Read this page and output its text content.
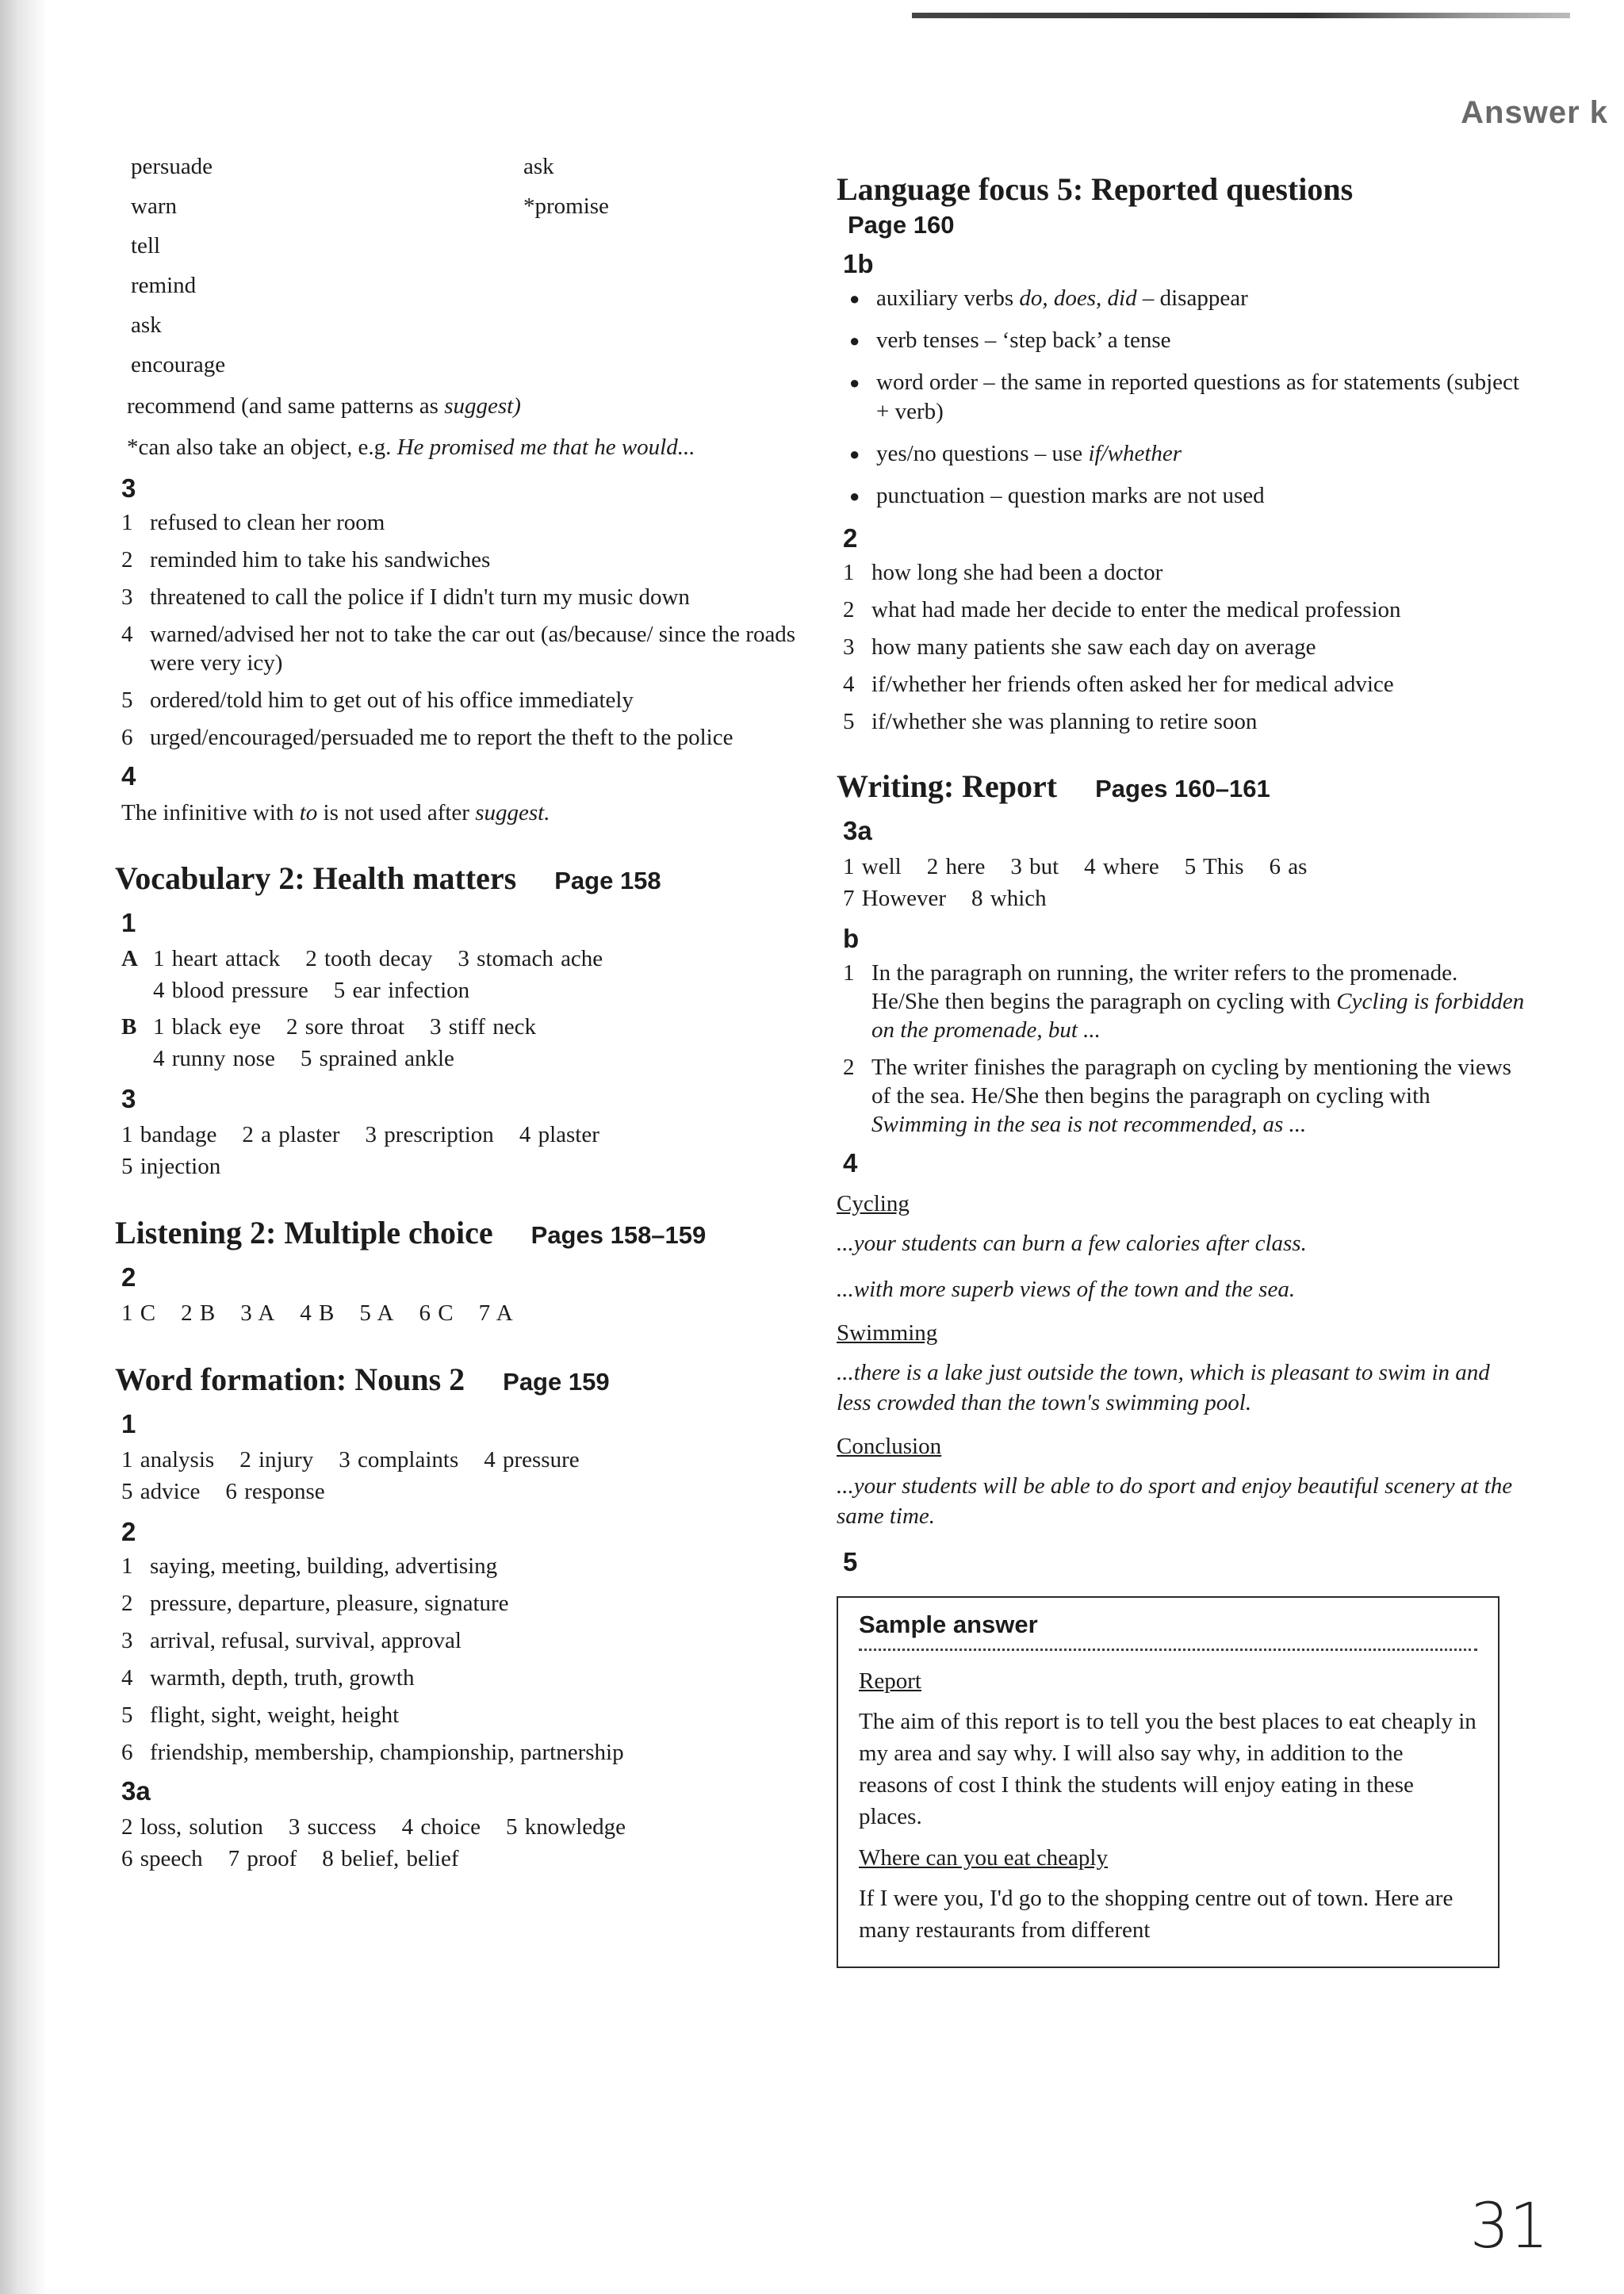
Answer k
persuade
warn
tell
remind
ask
encourage
ask
*promise

recommend (and same patterns as suggest)

*can also take an object, e.g. He promised me that he would...

3
1 refused to clean her room
2 reminded him to take his sandwiches
3 threatened to call the police if I didn't turn my music down
4 warned/advised her not to take the car out (as/because/ since the roads were very icy)
5 ordered/told him to get out of his office immediately
6 urged/encouraged/persuaded me to report the theft to the police
4

The infinitive with to is not used after suggest.

Vocabulary 2: Health matters Page 158
1
A 1 heart attack 2 tooth decay 3 stomach ache
4 blood pressure 5 ear infection
B 1 black eye 2 sore throat 3 stiff neck
4 runny nose 5 sprained ankle
3
1 bandage 2 a plaster 3 prescription 4 plaster
5 injection
Listening 2: Multiple choice Pages 158–159
2
1 C 2 B 3 A 4 B 5 A 6 C 7 A
Word formation: Nouns 2 Page 159
1
1 analysis 2 injury 3 complaints 4 pressure
5 advice 6 response
2
1 saying, meeting, building, advertising
2 pressure, departure, pleasure, signature
3 arrival, refusal, survival, approval
4 warmth, depth, truth, growth
5 flight, sight, weight, height
6 friendship, membership, championship, partnership
3a
2 loss, solution 3 success 4 choice 5 knowledge
6 speech 7 proof 8 belief, belief
Language focus 5: Reported questions
Page 160
1b
● auxiliary verbs do, does, did – disappear
● verb tenses – ‘step back’ a tense
● word order – the same in reported questions as for statements (subject + verb)
● yes/no questions – use if/whether
● punctuation – question marks are not used
2
1 how long she had been a doctor
2 what had made her decide to enter the medical profession
3 how many patients she saw each day on average
4 if/whether her friends often asked her for medical advice
5 if/whether she was planning to retire soon
Writing: Report Pages 160–161
3a
1 well 2 here 3 but 4 where 5 This 6 as
7 However 8 which
b
1 In the paragraph on running, the writer refers to the promenade. He/She then begins the paragraph on cycling with Cycling is forbidden on the promenade, but ...
2 The writer finishes the paragraph on cycling by mentioning the views of the sea. He/She then begins the paragraph on cycling with Swimming in the sea is not recommended, as ...
4
Cycling

...your students can burn a few calories after class.

...with more superb views of the town and the sea.

Swimming

...there is a lake just outside the town, which is pleasant to swim in and less crowded than the town's swimming pool.

Conclusion

...your students will be able to do sport and enjoy beautiful scenery at the same time.

5
Sample answer
Report

The aim of this report is to tell you the best places to eat cheaply in my area and say why. I will also say why, in addition to the reasons of cost I think the students will enjoy eating in these places.

Where can you eat cheaply

If I were you, I'd go to the shopping centre out of town. Here are many restaurants from different

31
